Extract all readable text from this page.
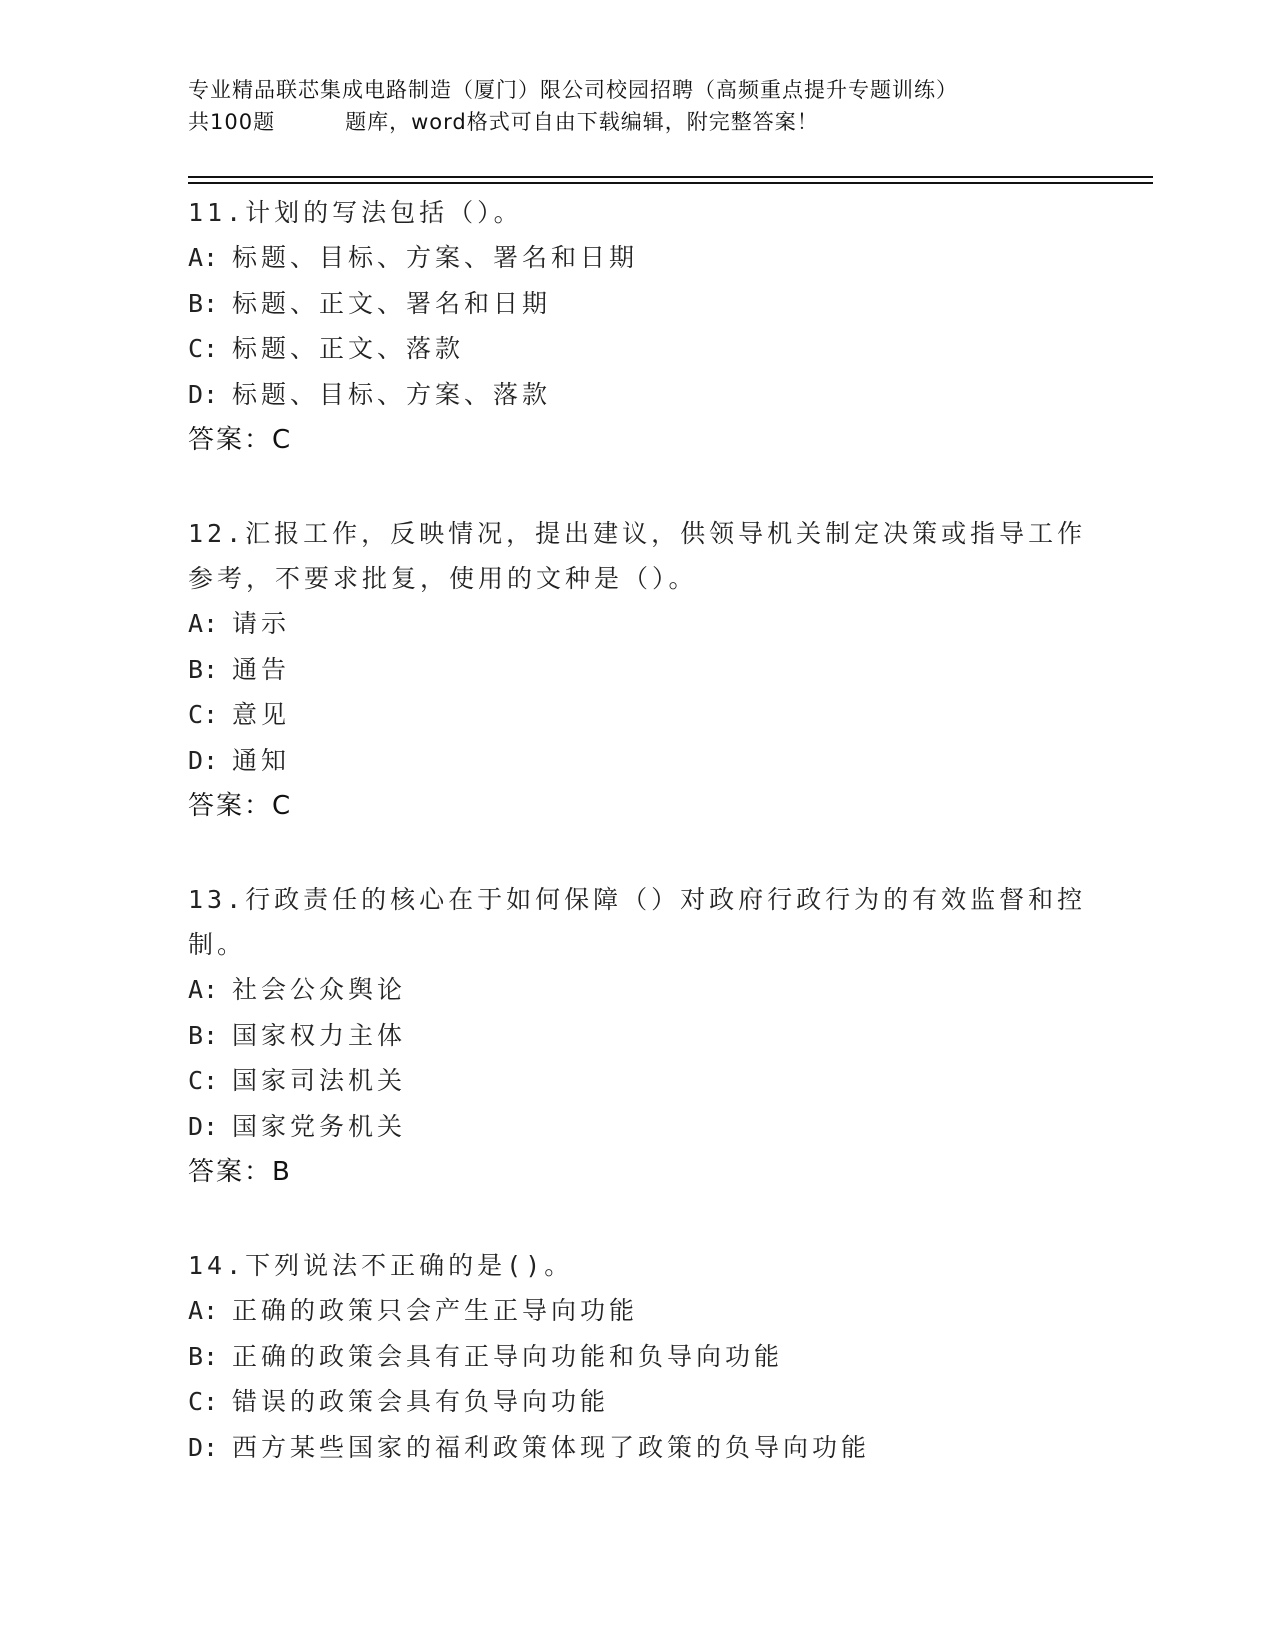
专业精品联芯集成电路制造（厦门）限公司校园招聘（高频重点提升专题训练）
共100题	题库，word格式可自由下载编辑，附完整答案！
11.计划的写法包括（）。
A: 标题、目标、方案、署名和日期
B: 标题、正文、署名和日期
C: 标题、正文、落款
D: 标题、目标、方案、落款
答案：C
12.汇报工作，反映情况，提出建议，供领导机关制定决策或指导工作参考，不要求批复，使用的文种是（）。
A: 请示
B: 通告
C: 意见
D: 通知
答案：C
13.行政责任的核心在于如何保障（）对政府行政行为的有效监督和控制。
A: 社会公众舆论
B: 国家权力主体
C: 国家司法机关
D: 国家党务机关
答案：B
14.下列说法不正确的是()。
A: 正确的政策只会产生正导向功能
B: 正确的政策会具有正导向功能和负导向功能
C: 错误的政策会具有负导向功能
D: 西方某些国家的福利政策体现了政策的负导向功能
